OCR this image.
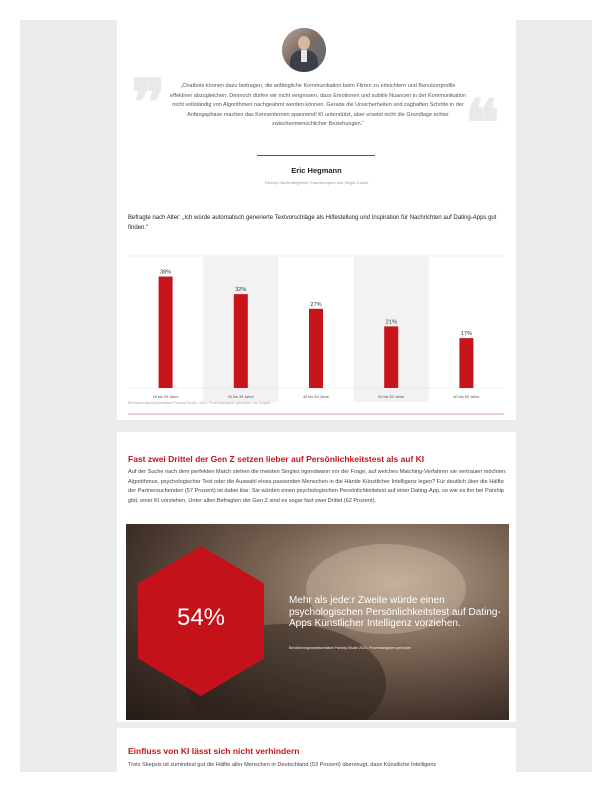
❞	❝

„Chatbots können dazu beitragen, die anfängliche Kommunikation beim Flirten zu erleichtern und Benutzerprofile effektiver abzugleichen. Dennoch dürfen wir nicht vergessen, dass Emotionen und subtile Nuancen in der Kommunikation nicht vollständig von Algorithmen nachgeahmt werden können. Gerade die Unsicherheiten und zaghaften Schritte in der Anfangsphase machen das Kennenlernen spannend! KI unterstützt, aber ersetzt nicht die Grundlage echter zwischenmenschlicher Beziehungen.“

Eric Hegmann
Parship Studienbegleiter, Paartherapeut und Single-Coach

Befragte nach Alter: „Ich würde automatisch generierte Textvorschläge als Hilfestellung und Inspiration für Nachrichten auf Dating-Apps gut finden.“

38%
18 bis 29 Jahre
32%
30 bis 39 Jahre
27%
40 bis 49 Jahre
21%
50 bis 59 Jahre
17%
60 bis 69 Jahre
Bevölkerungsrepräsentative Parship-Studie, 2024, Prozentangaben gerundet, nur Singles
Fast zwei Drittel der Gen Z setzen lieber auf Persönlichkeitstest als auf KI

Auf der Suche nach dem perfekten Match stehen die meisten Singles irgendwann vor der Frage, auf welches Matching-Verfahren sie vertrauen möchten: Algorithmus, psychologischer Test oder die Auswahl eines passenden Menschen in die Hände Künstlicher Intelligenz legen? Für deutlich über die Hälfte der Partnersuchenden (57 Prozent) ist dabei klar: Sie würden einen psychologischen Persönlichkeitstest auf einer Dating-App, so wie es ihn bei Parship gibt, einer KI vorziehen. Unter allen Befragten der Gen Z sind es sogar fast zwei Drittel (62 Prozent).

54%
Mehr als jede:r Zweite würde einen psychologischen Persönlichkeitstest auf Dating-Apps Künstlicher Intelligenz vorziehen.
Bevölkerungsrepräsentative Parship-Studie 2024, Prozentangaben gerundet
Einfluss von KI lässt sich nicht verhindern

Trotz Skepsis ist zumindest gut die Hälfte aller Menschen in Deutschland (53 Prozent) überzeugt, dass Künstliche Intelligenz
